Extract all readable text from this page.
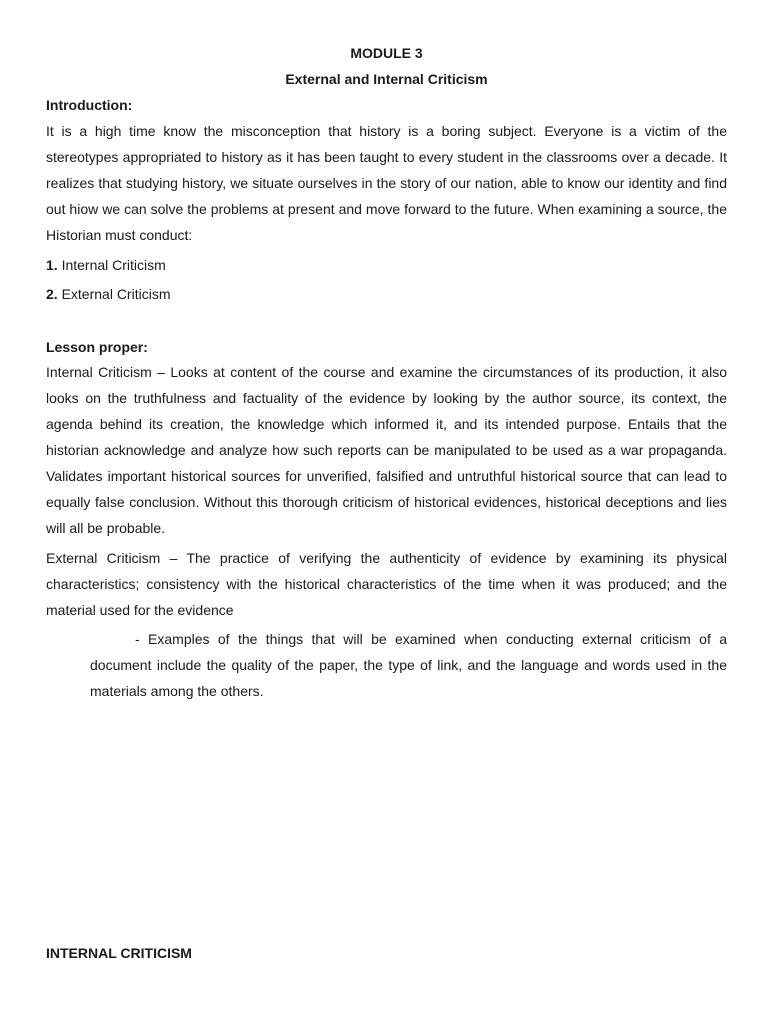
MODULE 3
External and Internal Criticism
Introduction:
It is a high time know the misconception that history is a boring subject. Everyone is a victim of the stereotypes appropriated to history as it has been taught to every student in the classrooms over a decade. It realizes that studying history, we situate ourselves in the story of our nation, able to know our identity and find out hiow we can solve the problems at present and move forward to the future. When examining a source, the Historian must conduct:
1. Internal Criticism
2. External Criticism
Lesson proper:
Internal Criticism – Looks at content of the course and examine the circumstances of its production, it also looks on the truthfulness and factuality of the evidence by looking by the author source, its context, the agenda behind its creation, the knowledge which informed it, and its intended purpose. Entails that the historian acknowledge and analyze how such reports can be manipulated to be used as a war propaganda. Validates important historical sources for unverified, falsified and untruthful historical source that can lead to equally false conclusion. Without this thorough criticism of historical evidences, historical deceptions and lies will all be probable.
External Criticism – The practice of verifying the authenticity of evidence by examining its physical characteristics; consistency with the historical characteristics of the time when it was produced; and the material used for the evidence
- Examples of the things that will be examined when conducting external criticism of a document include the quality of the paper, the type of link, and the language and words used in the materials among the others.
INTERNAL CRITICISM
